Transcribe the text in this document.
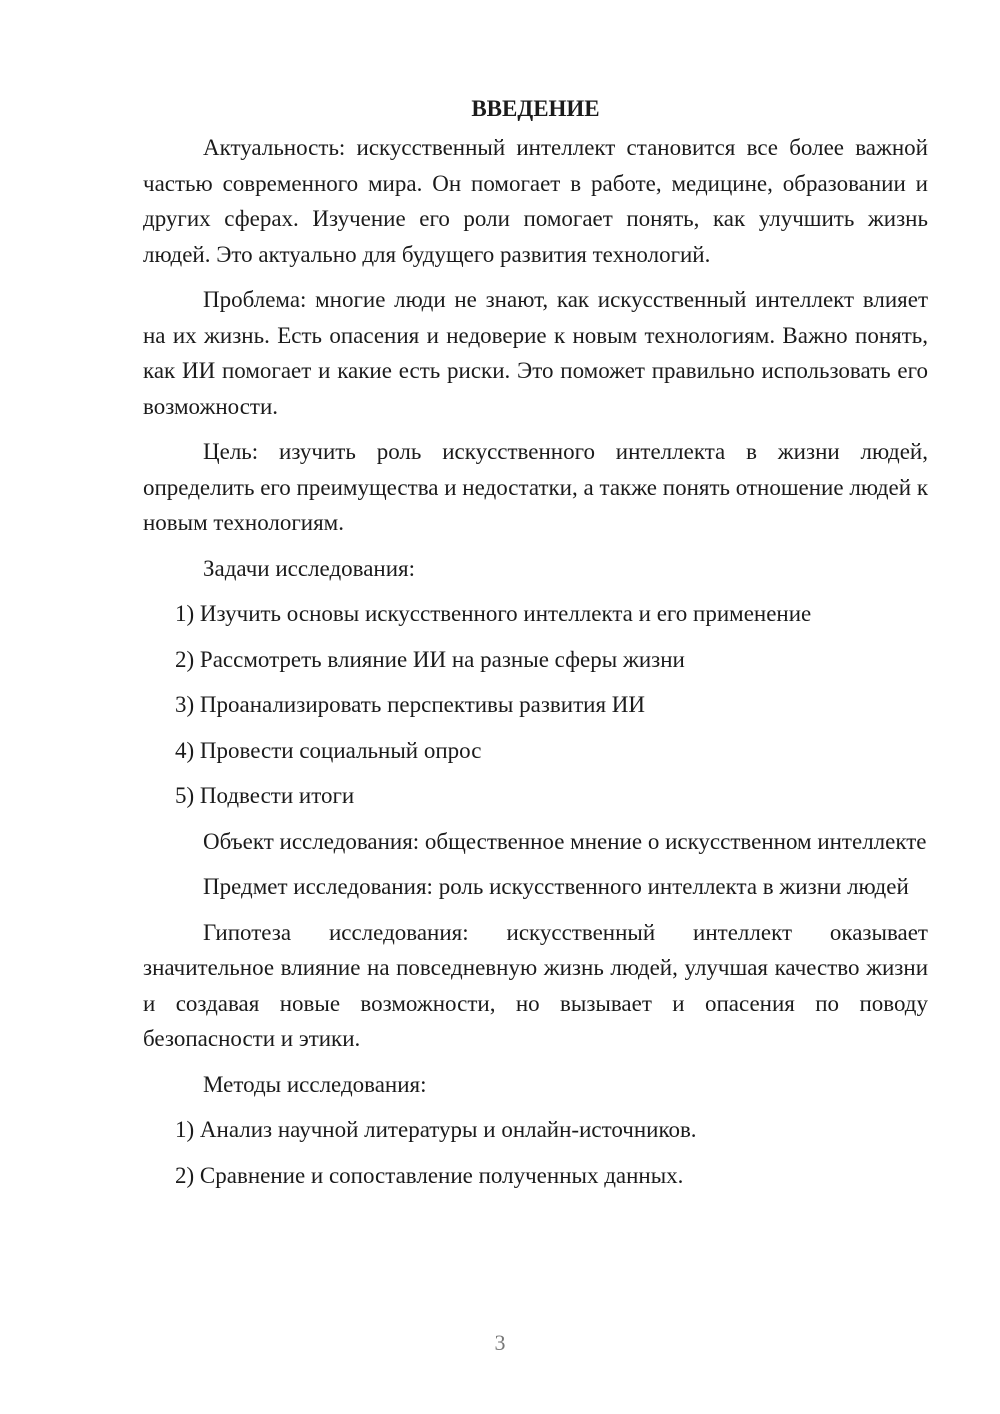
ВВЕДЕНИЕ

Актуальность: искусственный интеллект становится все более важной частью современного мира. Он помогает в работе, медицине, образовании и других сферах. Изучение его роли помогает понять, как улучшить жизнь людей. Это актуально для будущего развития технологий.

Проблема: многие люди не знают, как искусственный интеллект влияет на их жизнь. Есть опасения и недоверие к новым технологиям. Важно понять, как ИИ помогает и какие есть риски. Это поможет правильно использовать его возможности.

Цель: изучить роль искусственного интеллекта в жизни людей, определить его преимущества и недостатки, а также понять отношение людей к новым технологиям.

Задачи исследования:

1) Изучить основы искусственного интеллекта и его применение

2) Рассмотреть влияние ИИ на разные сферы жизни

3) Проанализировать перспективы развития ИИ

4) Провести социальный опрос

5) Подвести итоги

Объект исследования: общественное мнение о искусственном интеллекте

Предмет исследования: роль искусственного интеллекта в жизни людей

Гипотеза исследования: искусственный интеллект оказывает значительное влияние на повседневную жизнь людей, улучшая качество жизни и создавая новые возможности, но вызывает и опасения по поводу безопасности и этики.

Методы исследования:

1) Анализ научной литературы и онлайн-источников.

2) Сравнение и сопоставление полученных данных.

3
